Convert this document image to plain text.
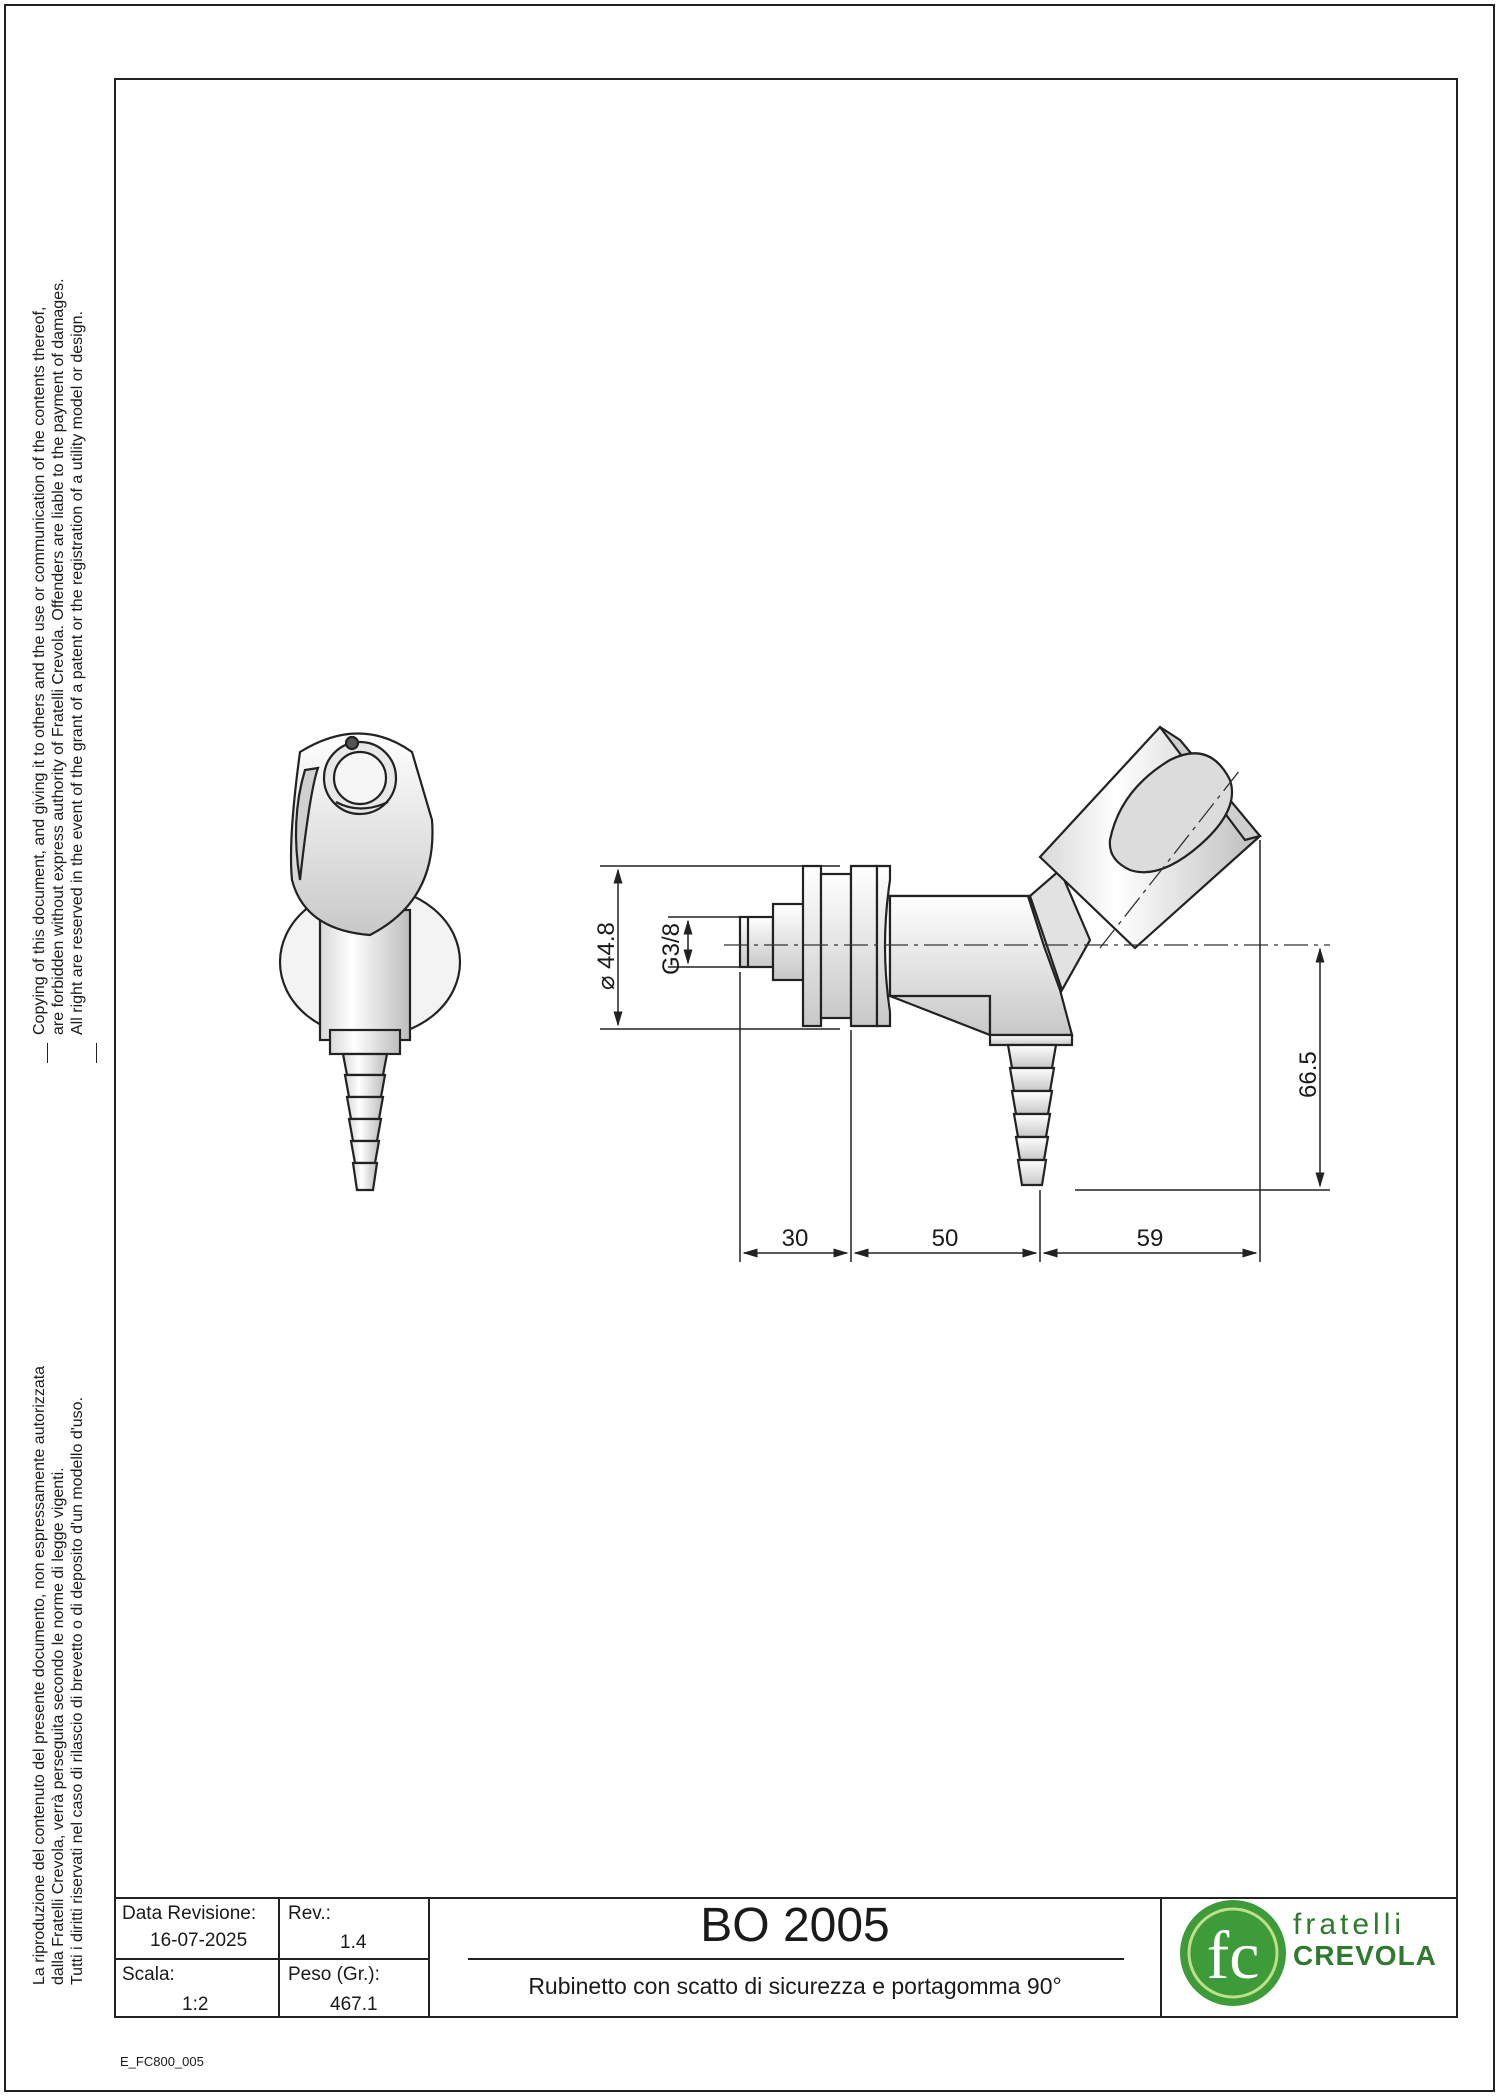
Copying of this document, and giving it to others and the use or communication of the contents thereof, are forbidden without express authority of Fratelli Crevola. Offenders are liable to the payment of damages. All right are reserved in the event of the grant of a patent or the registration of a utility model or design.
La riproduzione del contenuto del presente documento, non espressamente autorizzata dalla Fratelli Crevola, verrà perseguita secondo le norme di legge vigenti. Tutti i diritti riservati nel caso di rilascio di brevetto o di deposito d'un modello d'uso.
⌀ 44.8 G3/8
66.5
30	50	59
fc
Data Revisione:
16-07-2025
Rev.:
1.4
Scala:
1:2
Peso (Gr.):
467.1
BO 2005
Rubinetto con scatto di sicurezza e portagomma 90°
fratelli
CREVOLA
E_FC800_005
